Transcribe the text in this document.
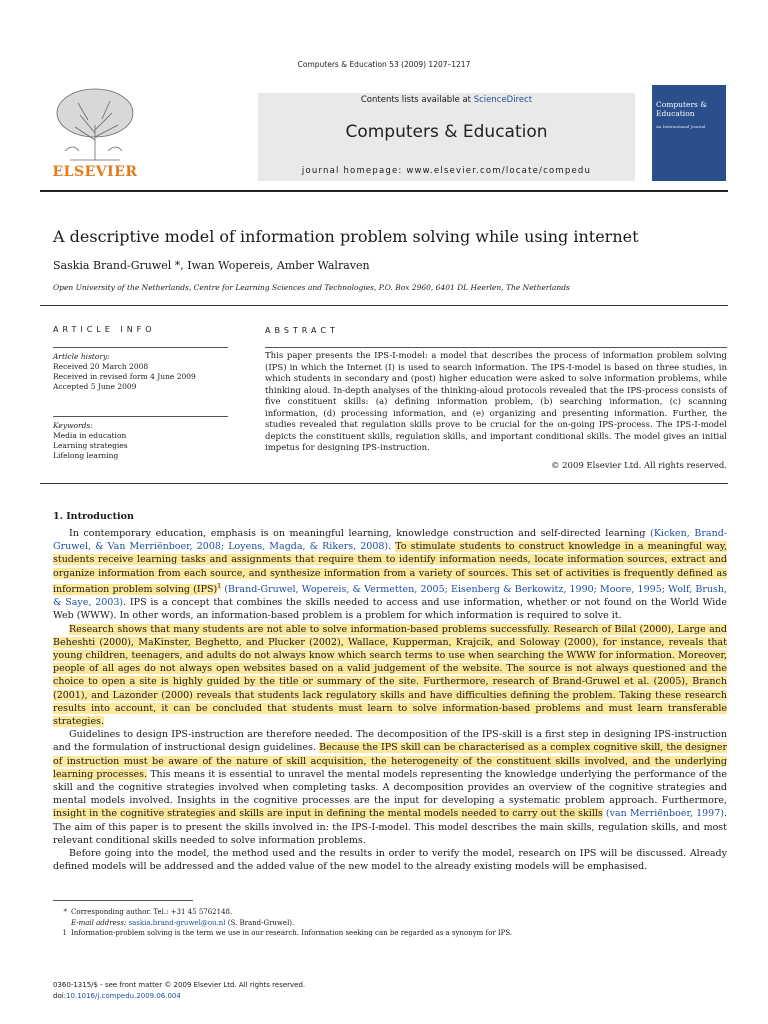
Computers & Education 53 (2009) 1207–1217
ELSEVIER
Contents lists available at ScienceDirect
Computers & Education
journal homepage: www.elsevier.com/locate/compedu
Computers & Education
An International Journal
A descriptive model of information problem solving while using internet
Saskia Brand-Gruwel *, Iwan Wopereis, Amber Walraven
Open University of the Netherlands, Centre for Learning Sciences and Technologies, P.O. Box 2960, 6401 DL Heerlen, The Netherlands
ARTICLE INFO
Article history:
Received 20 March 2008
Received in revised form 4 June 2009
Accepted 5 June 2009
Keywords:
Media in education
Learning strategies
Lifelong learning
ABSTRACT
This paper presents the IPS-I-model: a model that describes the process of information problem solving (IPS) in which the Internet (I) is used to search information. The IPS-I-model is based on three studies, in which students in secondary and (post) higher education were asked to solve information problems, while thinking aloud. In-depth analyses of the thinking-aloud protocols revealed that the IPS-process consists of five constituent skills: (a) defining information problem, (b) searching information, (c) scanning information, (d) processing information, and (e) organizing and presenting information. Further, the studies revealed that regulation skills prove to be crucial for the on-going IPS-process. The IPS-I-model depicts the constituent skills, regulation skills, and important conditional skills. The model gives an initial impetus for designing IPS-instruction.
© 2009 Elsevier Ltd. All rights reserved.
1. Introduction

In contemporary education, emphasis is on meaningful learning, knowledge construction and self-directed learning (Kicken, Brand-Gruwel, & Van Merriënboer, 2008; Loyens, Magda, & Rikers, 2008). To stimulate students to construct knowledge in a meaningful way, students receive learning tasks and assignments that require them to identify information needs, locate information sources, extract and organize information from each source, and synthesize information from a variety of sources. This set of activities is frequently defined as information problem solving (IPS)$^1$ (Brand-Gruwel, Wopereis, & Vermetten, 2005; Eisenberg & Berkowitz, 1990; Moore, 1995; Wolf, Brush, & Saye, 2003). IPS is a concept that combines the skills needed to access and use information, whether or not found on the World Wide Web (WWW). In other words, an information-based problem is a problem for which information is required to solve it.

Research shows that many students are not able to solve information-based problems successfully. Research of Bilal (2000), Large and Beheshti (2000), MaKinster, Beghetto, and Plucker (2002), Wallace, Kupperman, Krajcik, and Soloway (2000), for instance, reveals that young children, teenagers, and adults do not always know which search terms to use when searching the WWW for information. Moreover, people of all ages do not always open websites based on a valid judgement of the website. The source is not always questioned and the choice to open a site is highly guided by the title or summary of the site. Furthermore, research of Brand-Gruwel et al. (2005), Branch (2001), and Lazonder (2000) reveals that students lack regulatory skills and have difficulties defining the problem. Taking these research results into account, it can be concluded that students must learn to solve information-based problems and must learn transferable strategies.

Guidelines to design IPS-instruction are therefore needed. The decomposition of the IPS-skill is a first step in designing IPS-instruction and the formulation of instructional design guidelines. Because the IPS skill can be characterised as a complex cognitive skill, the designer of instruction must be aware of the nature of skill acquisition, the heterogeneity of the constituent skills involved, and the underlying learning processes. This means it is essential to unravel the mental models representing the knowledge underlying the performance of the skill and the cognitive strategies involved when completing tasks. A decomposition provides an overview of the cognitive strategies and mental models involved. Insights in the cognitive processes are the input for developing a systematic problem approach. Furthermore, insight in the cognitive strategies and skills are input in defining the mental models needed to carry out the skills (van Merriënboer, 1997). The aim of this paper is to present the skills involved in: the IPS-I-model. This model describes the main skills, regulation skills, and most relevant conditional skills needed to solve information problems.

Before going into the model, the method used and the results in order to verify the model, research on IPS will be discussed. Already defined models will be addressed and the added value of the new model to the already existing models will be emphasised.

* Corresponding author. Tel.: +31 45 5762148.
E-mail address: saskia.brand-gruwel@ou.nl (S. Brand-Gruwel).
1 Information-problem solving is the term we use in our research. Information seeking can be regarded as a synonym for IPS.
0360-1315/$ - see front matter © 2009 Elsevier Ltd. All rights reserved.
doi:10.1016/j.compedu.2009.06.004
